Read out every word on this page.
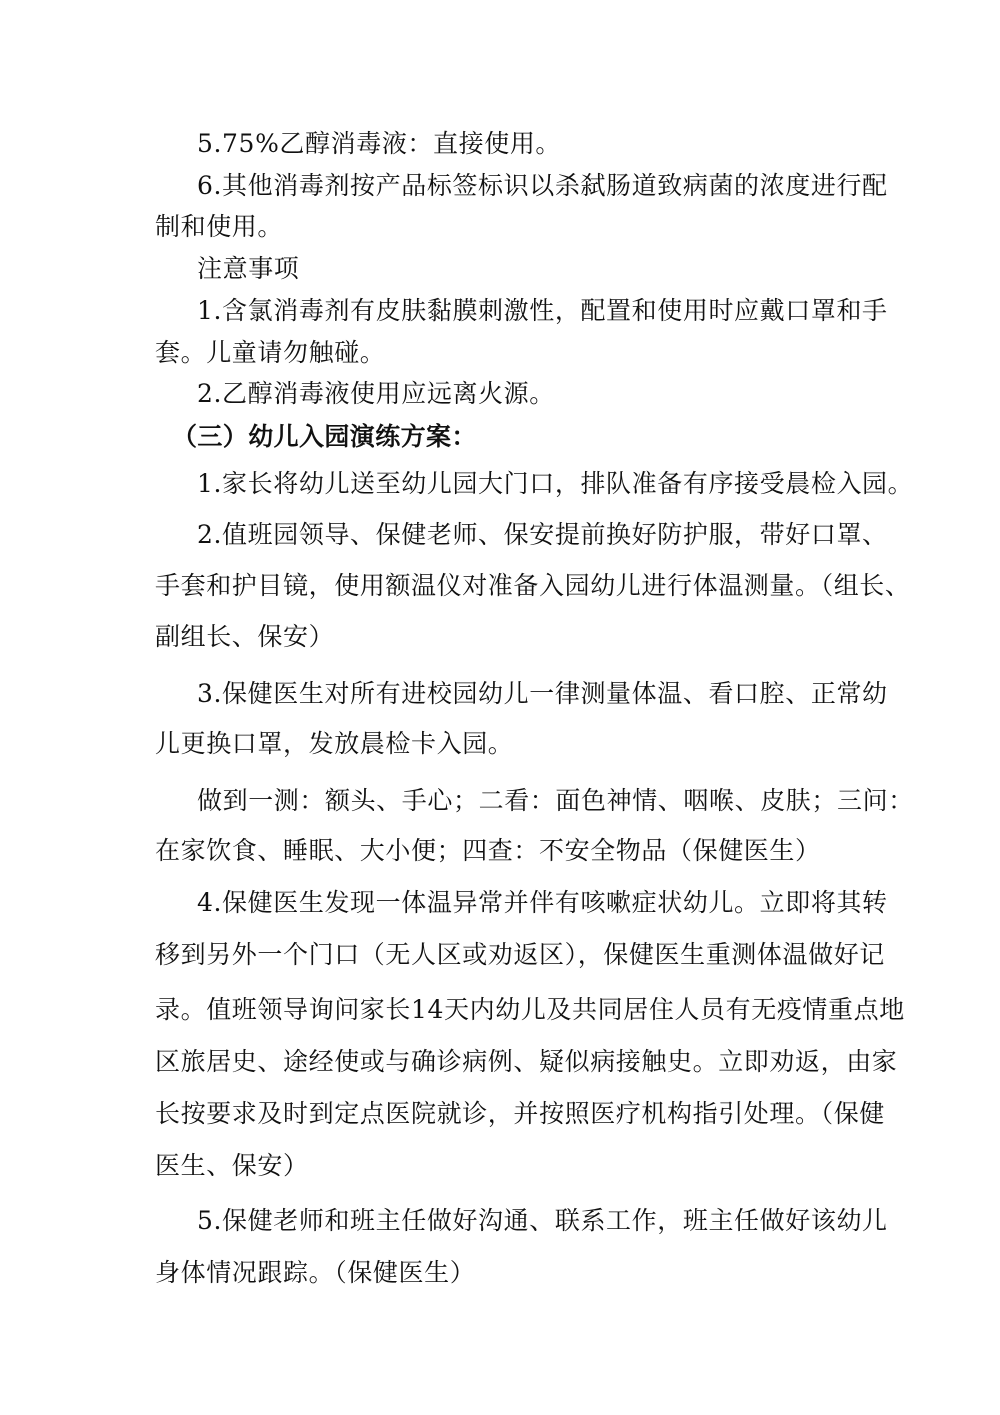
5.75%乙醇消毒液：直接使用。
6.其他消毒剂按产品标签标识以杀弑肠道致病菌的浓度进行配
制和使用。
注意事项
1.含氯消毒剂有皮肤黏膜刺激性，配置和使用时应戴口罩和手
套。儿童请勿触碰。
2.乙醇消毒液使用应远离火源。
（三）幼儿入园演练方案：
1.家长将幼儿送至幼儿园大门口，排队准备有序接受晨检入园。
2.值班园领导、保健老师、保安提前换好防护服，带好口罩、
手套和护目镜，使用额温仪对准备入园幼儿进行体温测量。（组长、
副组长、保安）
3.保健医生对所有进校园幼儿一律测量体温、看口腔、正常幼
儿更换口罩，发放晨检卡入园。
做到一测：额头、手心；二看：面色神情、咽喉、皮肤；三问：
在家饮食、睡眠、大小便；四查：不安全物品（保健医生）
4.保健医生发现一体温异常并伴有咳嗽症状幼儿。立即将其转
移到另外一个门口（无人区或劝返区），保健医生重测体温做好记
录。值班领导询问家长14天内幼儿及共同居住人员有无疫情重点地
区旅居史、途经使或与确诊病例、疑似病接触史。立即劝返，由家
长按要求及时到定点医院就诊，并按照医疗机构指引处理。（保健
医生、保安）
5.保健老师和班主任做好沟通、联系工作，班主任做好该幼儿
身体情况跟踪。（保健医生）
